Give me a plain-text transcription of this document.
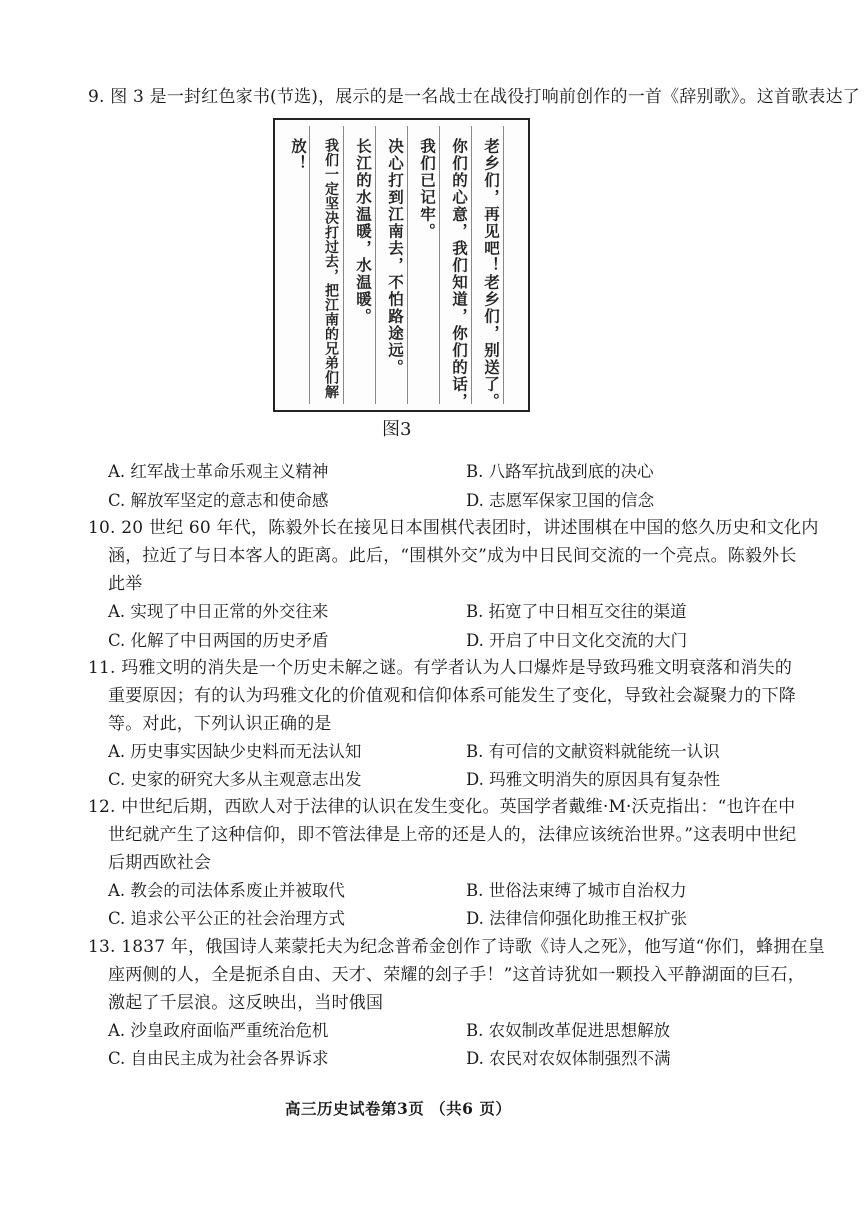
9. 图 3 是一封红色家书(节选)，展示的是一名战士在战役打响前创作的一首《辞别歌》。这首歌表达了
老乡们，再见吧！老乡们，别送了。
你们的心意，我们知道，你们的话，
我们已记牢。
决心打到江南去，不怕路途远。
长江的水温暖，水温暖。
我们一定坚决打过去，把江南的兄弟们解
放！
图3
A. 红军战士革命乐观主义精神	B. 八路军抗战到底的决心
C. 解放军坚定的意志和使命感	D. 志愿军保家卫国的信念
10. 20 世纪 60 年代，陈毅外长在接见日本围棋代表团时，讲述围棋在中国的悠久历史和文化内
涵，拉近了与日本客人的距离。此后，“围棋外交”成为中日民间交流的一个亮点。陈毅外长
此举
A. 实现了中日正常的外交往来	B. 拓宽了中日相互交往的渠道
C. 化解了中日两国的历史矛盾	D. 开启了中日文化交流的大门
11. 玛雅文明的消失是一个历史未解之谜。有学者认为人口爆炸是导致玛雅文明衰落和消失的
重要原因；有的认为玛雅文化的价值观和信仰体系可能发生了变化，导致社会凝聚力的下降
等。对此，下列认识正确的是
A. 历史事实因缺少史料而无法认知	B. 有可信的文献资料就能统一认识
C. 史家的研究大多从主观意志出发	D. 玛雅文明消失的原因具有复杂性
12. 中世纪后期，西欧人对于法律的认识在发生变化。英国学者戴维·M·沃克指出：“也许在中
世纪就产生了这种信仰，即不管法律是上帝的还是人的，法律应该统治世界。”这表明中世纪
后期西欧社会
A. 教会的司法体系废止并被取代	B. 世俗法束缚了城市自治权力
C. 追求公平公正的社会治理方式	D. 法律信仰强化助推王权扩张
13. 1837 年，俄国诗人莱蒙托夫为纪念普希金创作了诗歌《诗人之死》，他写道“你们，蜂拥在皇
座两侧的人，全是扼杀自由、天才、荣耀的刽子手！”这首诗犹如一颗投入平静湖面的巨石，
激起了千层浪。这反映出，当时俄国
A. 沙皇政府面临严重统治危机	B. 农奴制改革促进思想解放
C. 自由民主成为社会各界诉求	D. 农民对农奴体制强烈不满
高三历史试卷第3页 （共6 页）
